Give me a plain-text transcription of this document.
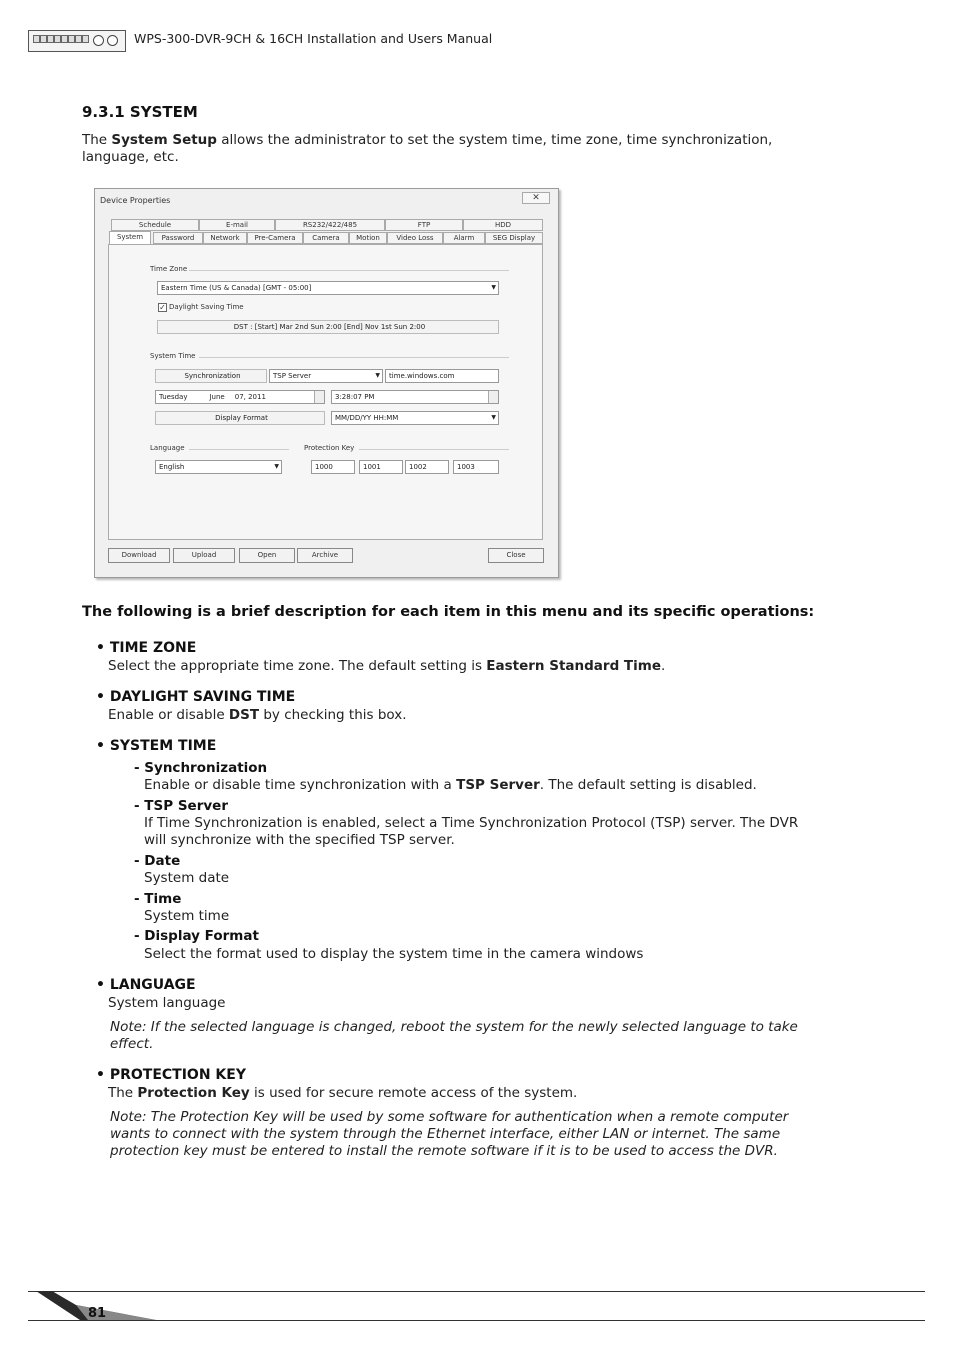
WPS-300-DVR-9CH & 16CH Installation and Users Manual
9.3.1 SYSTEM
The System Setup allows the administrator to set the system time, time zone, time synchronization, language, etc.
Device Properties	✕
Schedule	E-mail	RS232/422/485	FTP	HDD
System	Password	Network	Pre-Camera	Camera	Motion	Video Loss	Alarm	SEG Display
Time Zone
Eastern Time (US & Canada) [GMT - 05:00]	▼
✓ Daylight Saving Time
DST : [Start] Mar 2nd Sun 2:00 [End] Nov 1st Sun 2:00
System Time
Synchronization	TSP Server	▼	time.windows.com
Tuesday	June 07, 2011	3:28:07 PM
Display Format	MM/DD/YY HH:MM	▼
Language
English	▼
Protection Key
1000	1001	1002	1003
Download	Upload	Open	Archive	Close
The following is a brief description for each item in this menu and its specific operations:
• TIME ZONE
Select the appropriate time zone. The default setting is Eastern Standard Time.
• DAYLIGHT SAVING TIME
Enable or disable DST by checking this box.
• SYSTEM TIME
- Synchronization
Enable or disable time synchronization with a TSP Server. The default setting is disabled.
- TSP Server
If Time Synchronization is enabled, select a Time Synchronization Protocol (TSP) server. The DVR will synchronize with the specified TSP server.
- Date
System date
- Time
System time
- Display Format
Select the format used to display the system time in the camera windows
• LANGUAGE
System language
Note: If the selected language is changed, reboot the system for the newly selected language to take effect.
• PROTECTION KEY
The Protection Key is used for secure remote access of the system.
Note: The Protection Key will be used by some software for authentication when a remote computer wants to connect with the system through the Ethernet interface, either LAN or internet. The same protection key must be entered to install the remote software if it is to be used to access the DVR.
81
